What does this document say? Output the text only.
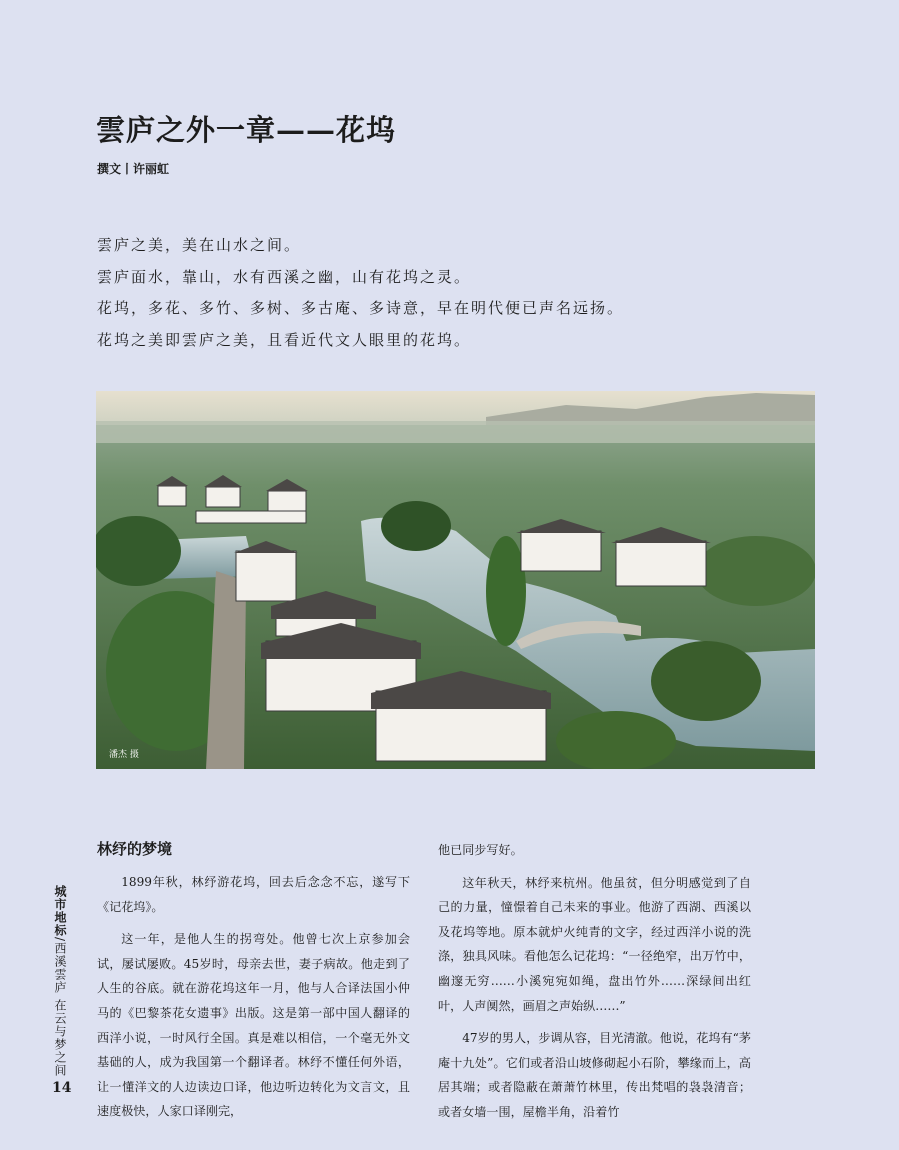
雲庐之外一章——花坞
撰文丨许丽虹
雲庐之美，美在山水之间。
雲庐面水，靠山，水有西溪之幽，山有花坞之灵。
花坞，多花、多竹、多树、多古庵、多诗意，早在明代便已声名远扬。
花坞之美即雲庐之美，且看近代文人眼里的花坞。
潘杰 摄
林纾的梦境

1899年秋，林纾游花坞，回去后念念不忘，遂写下《记花坞》。

这一年，是他人生的拐弯处。他曾七次上京参加会试，屡试屡败。45岁时，母亲去世，妻子病故。他走到了人生的谷底。就在游花坞这年一月，他与人合译法国小仲马的《巴黎茶花女遗事》出版。这是第一部中国人翻译的西洋小说，一时风行全国。真是难以相信，一个毫无外文基础的人，成为我国第一个翻译者。林纾不懂任何外语，让一懂洋文的人边读边口译，他边听边转化为文言文，且速度极快，人家口译刚完，

他已同步写好。

这年秋天，林纾来杭州。他虽贫，但分明感觉到了自己的力量，憧憬着自己未来的事业。他游了西湖、西溪以及花坞等地。原本就炉火纯青的文字，经过西洋小说的洗涤，独具风味。看他怎么记花坞：“一径绝窄，出万竹中，幽邃无穷……小溪宛宛如绳，盘出竹外……深绿间出红叶，人声阒然，画眉之声始纵……”

47岁的男人，步调从容，目光清澈。他说，花坞有“茅庵十九处”。它们或者沿山坡修砌起小石阶，攀缘而上，高居其端；或者隐蔽在萧萧竹林里，传出梵唱的袅袅清音；或者女墙一围，屋檐半角，沿着竹

城市地标/西溪雲庐 在云与梦之间
14
